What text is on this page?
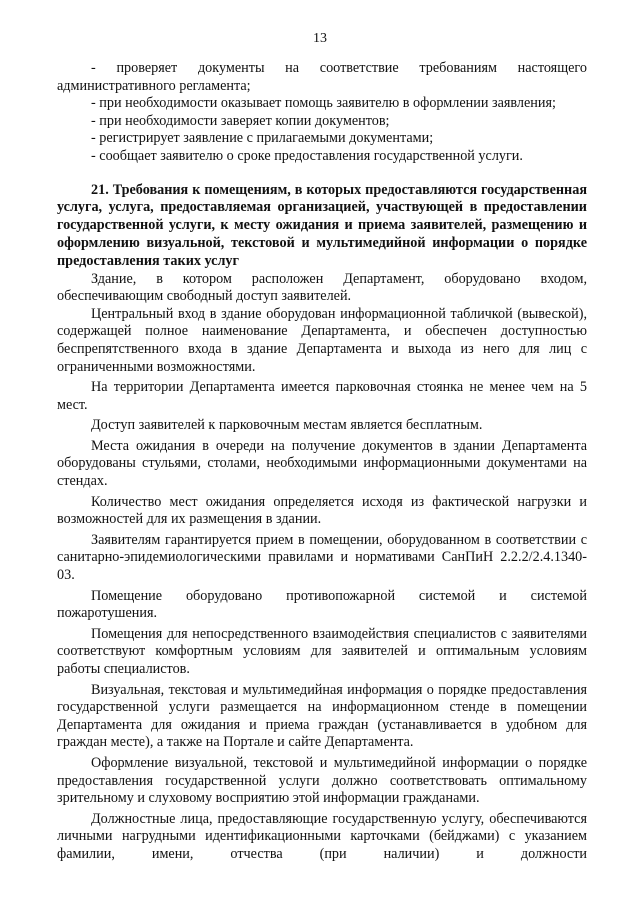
13

- проверяет документы на соответствие требованиям настоящего административного регламента;

- при необходимости оказывает помощь заявителю в оформлении заявления;

- при необходимости заверяет копии документов;

- регистрирует заявление с прилагаемыми документами;

- сообщает заявителю о сроке предоставления государственной услуги.

21. Требования к помещениям, в которых предоставляются государственная услуга, услуга, предоставляемая организацией, участвующей в предоставлении государственной услуги, к месту ожидания и приема заявителей, размещению и оформлению визуальной, текстовой и мультимедийной информации о порядке предоставления таких услуг

Здание, в котором расположен Департамент, оборудовано входом, обеспечивающим свободный доступ заявителей.

Центральный вход в здание оборудован информационной табличкой (вывеской), содержащей полное наименование Департамента, и обеспечен доступностью беспрепятственного входа в здание Департамента и выхода из него для лиц с ограниченными возможностями.

На территории Департамента имеется парковочная стоянка не менее чем на 5 мест.

Доступ заявителей к парковочным местам является бесплатным.

Места ожидания в очереди на получение документов в здании Департамента оборудованы стульями, столами, необходимыми информационными документами на стендах.

Количество мест ожидания определяется исходя из фактической нагрузки и возможностей для их размещения в здании.

Заявителям гарантируется прием в помещении, оборудованном в соответствии с санитарно-эпидемиологическими правилами и нормативами СанПиН 2.2.2/2.4.1340-03.

Помещение оборудовано противопожарной системой и системой пожаротушения.

Помещения для непосредственного взаимодействия специалистов с заявителями соответствуют комфортным условиям для заявителей и оптимальным условиям работы специалистов.

Визуальная, текстовая и мультимедийная информация о порядке предоставления государственной услуги размещается на информационном стенде в помещении Департамента для ожидания и приема граждан (устанавливается в удобном для граждан месте), а также на Портале и сайте Департамента.

Оформление визуальной, текстовой и мультимедийной информации о порядке предоставления государственной услуги должно соответствовать оптимальному зрительному и слуховому восприятию этой информации гражданами.

Должностные лица, предоставляющие государственную услугу, обеспечиваются личными нагрудными идентификационными карточками (бейджами) с указанием фамилии, имени, отчества (при наличии) и должности
